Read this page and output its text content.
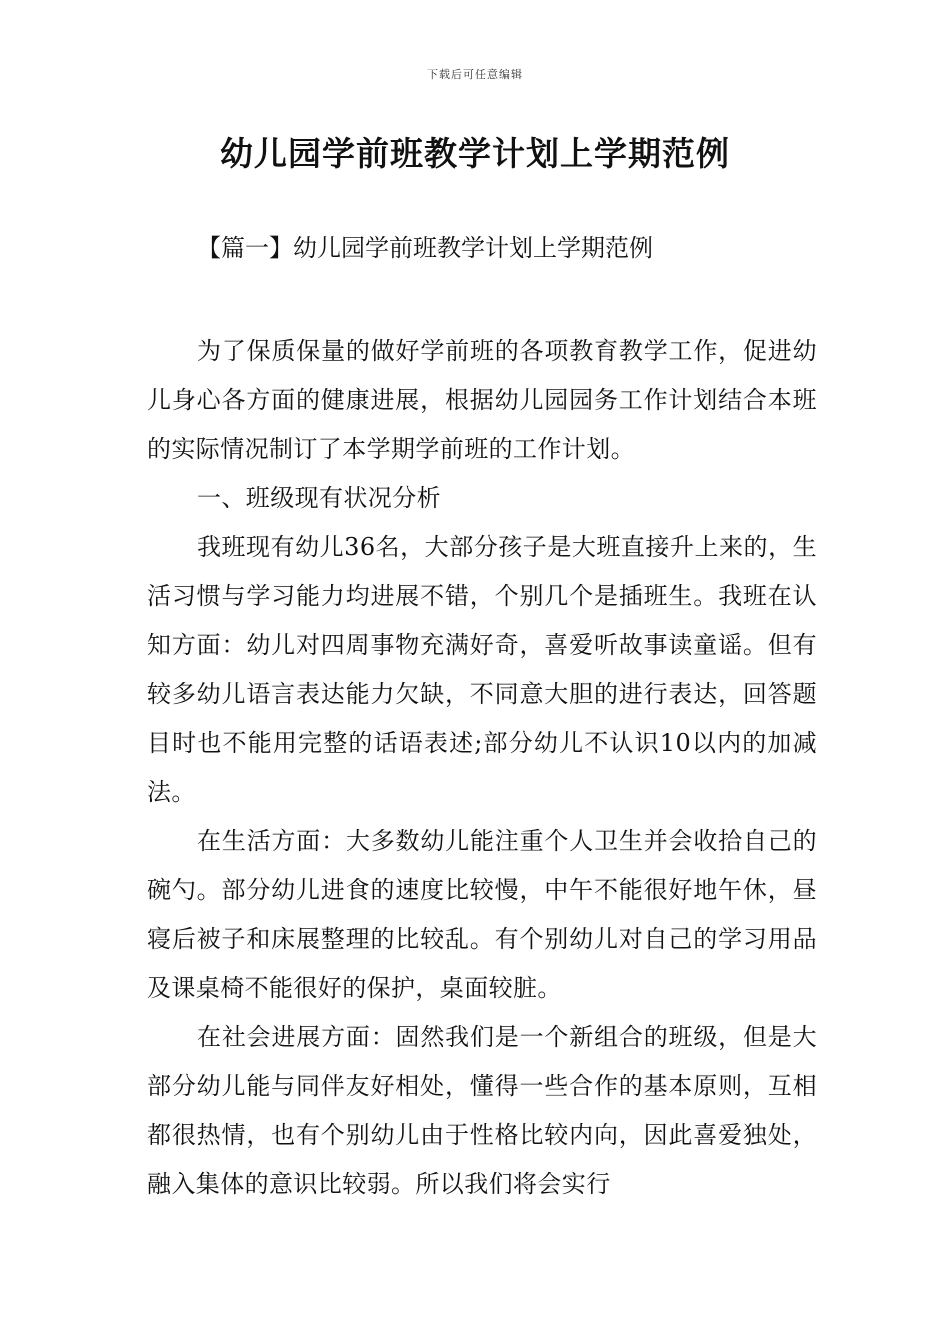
下载后可任意编辑
幼儿园学前班教学计划上学期范例

【篇一】幼儿园学前班教学计划上学期范例

为了保质保量的做好学前班的各项教育教学工作，促进幼儿身心各方面的健康进展，根据幼儿园园务工作计划结合本班的实际情况制订了本学期学前班的工作计划。

一、班级现有状况分析

我班现有幼儿36名，大部分孩子是大班直接升上来的，生活习惯与学习能力均进展不错，个别几个是插班生。我班在认知方面：幼儿对四周事物充满好奇，喜爱听故事读童谣。但有较多幼儿语言表达能力欠缺，不同意大胆的进行表达，回答题目时也不能用完整的话语表述;部分幼儿不认识10以内的加减法。

在生活方面：大多数幼儿能注重个人卫生并会收拾自己的碗勺。部分幼儿进食的速度比较慢，中午不能很好地午休，昼寝后被子和床展整理的比较乱。有个别幼儿对自己的学习用品及课桌椅不能很好的保护，桌面较脏。

在社会进展方面：固然我们是一个新组合的班级，但是大部分幼儿能与同伴友好相处，懂得一些合作的基本原则，互相都很热情，也有个别幼儿由于性格比较内向，因此喜爱独处，融入集体的意识比较弱。所以我们将会实行
